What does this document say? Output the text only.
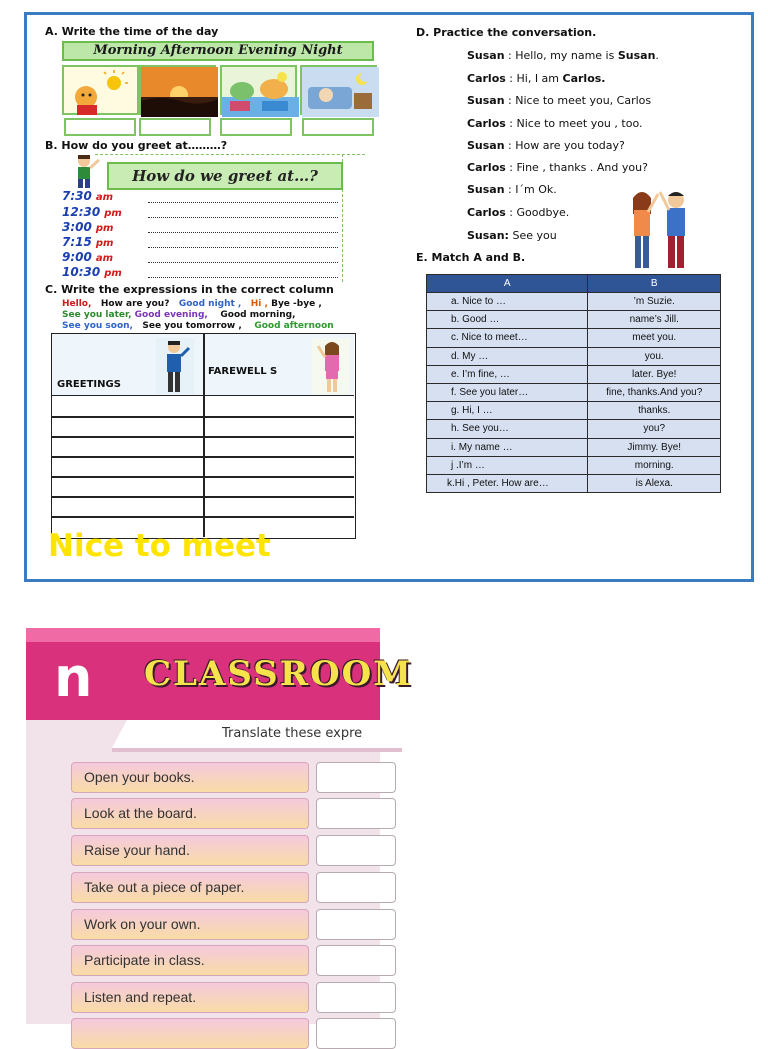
A. Write the time of the day
Morning Afternoon Evening Night
B. How do you greet at………?
How do we greet at…?
7:30 am
12:30 pm
3:00 pm
7:15 pm
9:00 am
10:30 pm
C. Write the expressions in the correct column
Hello, How are you? Good night , Hi , Bye -bye ,
See you later, Good evening, Good morning,
See you soon, See you tomorrow , Good afternoon
GREETINGS
FAREWELL S
Nice to meet
D. Practice the conversation.
Susan : Hello, my name is Susan.
Carlos : Hi, I am Carlos.
Susan : Nice to meet you, Carlos
Carlos : Nice to meet you , too.
Susan : How are you today?
Carlos : Fine , thanks . And you?
Susan : I´m Ok.
Carlos : Goodbye.
Susan: See you
E. Match A and B.
A	B
a. Nice to …	’m Suzie.
b. Good …	name’s Jill.
c. Nice to meet…	meet you.
d. My …	you.
e. I’m fine, …	later. Bye!
f. See you later…	fine, thanks.And you?
g. Hi, I …	thanks.
h. See you…	you?
i. My name …	Jimmy. Bye!
j .I’m …	morning.
k.Hi , Peter. How are…	is Alexa.
n CLASSROOM
Translate these expre
Open your books.
Look at the board.
Raise your hand.
Take out a piece of paper.
Work on your own.
Participate in class.
Listen and repeat.
